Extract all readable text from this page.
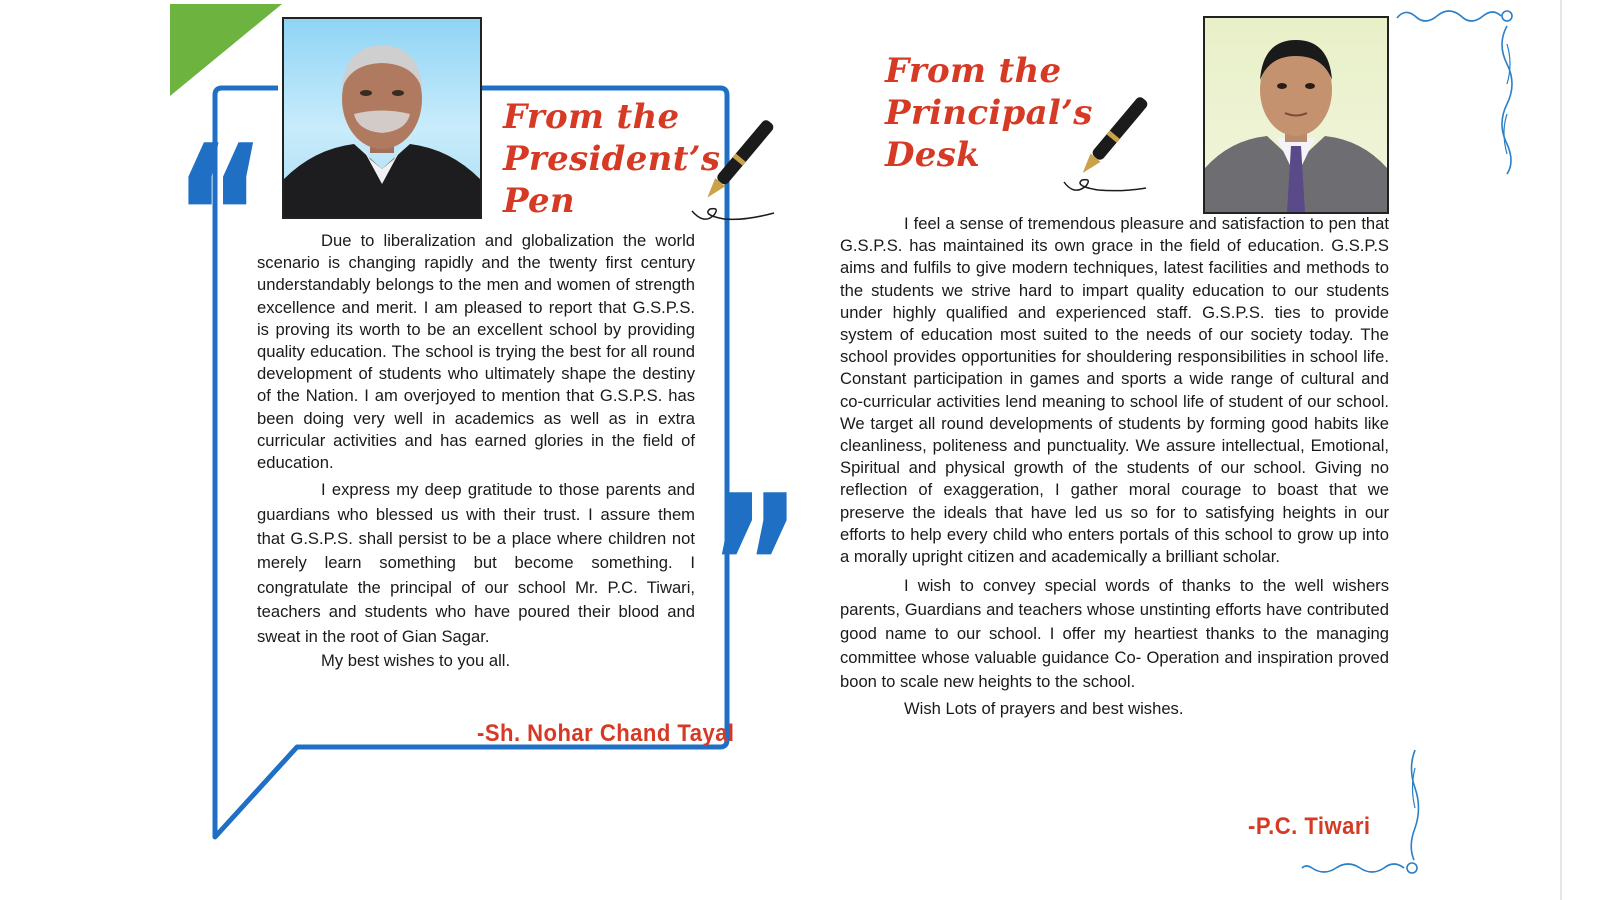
From the
President’s
Pen
From the
Principal’s
Desk
“
”

Due to liberalization and globalization the world scenario is changing rapidly and the twenty first century understandably belongs to the men and women of strength excellence and merit. I am pleased to report that G.S.P.S. is proving its worth to be an excellent school by providing quality education. The school is trying the best for all round development of students who ultimately shape the destiny of the Nation. I am overjoyed to mention that G.S.P.S. has been doing very well in academics as well as in extra curricular activities and has earned glories in the field of education.

I express my deep gratitude to those parents and guardians who blessed us with their trust. I assure them that G.S.P.S. shall persist to be a place where children not merely learn something but become something. I congratulate the principal of our school Mr. P.C. Tiwari, teachers and students who have poured their blood and sweat in the root of Gian Sagar.

My best wishes to you all.

-Sh. Nohar Chand Tayal

I feel a sense of tremendous pleasure and satisfaction to pen that G.S.P.S. has maintained its own grace in the field of education. G.S.P.S aims and fulfils to give modern techniques, latest facilities and methods to the students we strive hard to impart quality education to our students under highly qualified and experienced staff. G.S.P.S. ties to provide system of education most suited to the needs of our society today. The school provides opportunities for shouldering responsibilities in school life. Constant participation in games and sports a wide range of cultural and co-curricular activities lend meaning to school life of student of our school. We target all round developments of students by forming good habits like cleanliness, politeness and punctuality. We assure intellectual, Emotional, Spiritual and physical growth of the students of our school. Giving no reflection of exaggeration, I gather moral courage to boast that we preserve the ideals that have led us so for to satisfying heights in our efforts to help every child who enters portals of this school to grow up into a morally upright citizen and academically a brilliant scholar.

I wish to convey special words of thanks to the well wishers parents, Guardians and teachers whose unstinting efforts have contributed good name to our school. I offer my heartiest thanks to the managing committee whose valuable guidance Co- Operation and inspiration proved boon to scale new heights to the school.

Wish Lots of prayers and best wishes.

-P.C. Tiwari
